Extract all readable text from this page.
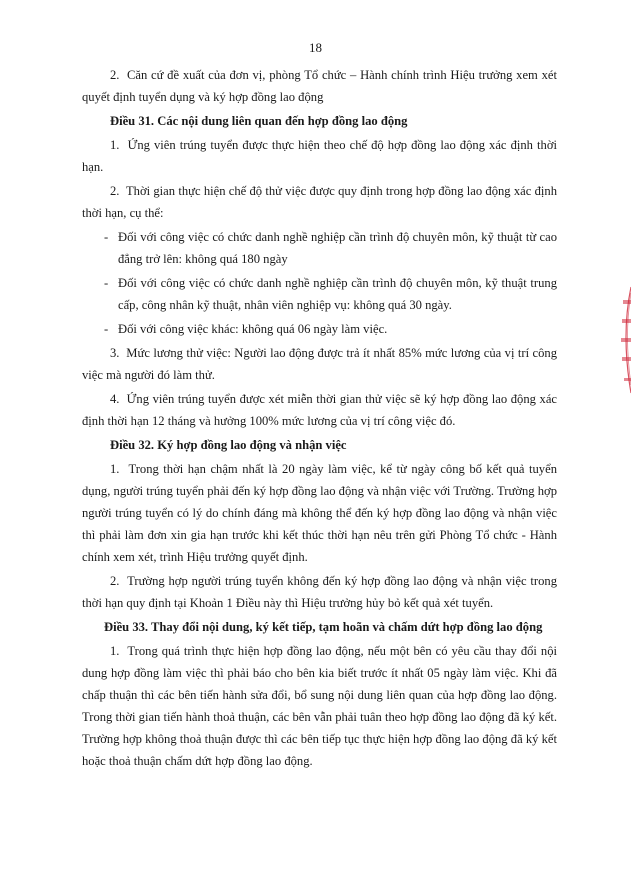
18

2.  Căn cứ đề xuất của đơn vị, phòng Tổ chức – Hành chính trình Hiệu trưởng xem xét quyết định tuyển dụng và ký hợp đồng lao động

Điều 31. Các nội dung liên quan đến hợp đồng lao động

1.  Ứng viên trúng tuyển được thực hiện theo chế độ hợp đồng lao động xác định thời hạn.

2.  Thời gian thực hiện chế độ thử việc được quy định trong hợp đồng lao động xác định thời hạn, cụ thể:

- Đối với công việc có chức danh nghề nghiệp cần trình độ chuyên môn, kỹ thuật từ cao đẳng trở lên: không quá 180 ngày

- Đối với công việc có chức danh nghề nghiệp cần trình độ chuyên môn, kỹ thuật trung cấp, công nhân kỹ thuật, nhân viên nghiệp vụ: không quá 30 ngày.

- Đối với công việc khác: không quá 06 ngày làm việc.

3.  Mức lương thử việc: Người lao động được trả ít nhất 85% mức lương của vị trí công việc mà người đó làm thử.

4.  Ứng viên trúng tuyển được xét miễn thời gian thử việc sẽ ký hợp đồng lao động xác định thời hạn 12 tháng và hưởng 100% mức lương của vị trí công việc đó.

Điều 32. Ký hợp đồng lao động và nhận việc

1.  Trong thời hạn chậm nhất là 20 ngày làm việc, kể từ ngày công bố kết quả tuyển dụng, người trúng tuyển phải đến ký hợp đồng lao động và nhận việc với Trường. Trường hợp người trúng tuyển có lý do chính đáng mà không thể đến ký hợp đồng lao động và nhận việc thì phải làm đơn xin gia hạn trước khi kết thúc thời hạn nêu trên gửi Phòng Tổ chức - Hành chính xem xét, trình Hiệu trưởng quyết định.

2.  Trường hợp người trúng tuyển không đến ký hợp đồng lao động và nhận việc trong thời hạn quy định tại Khoản 1 Điều này thì Hiệu trưởng hủy bỏ kết quả xét tuyển.

Điều 33. Thay đổi nội dung, ký kết tiếp, tạm hoãn và chấm dứt hợp đồng lao động

1.  Trong quá trình thực hiện hợp đồng lao động, nếu một bên có yêu cầu thay đổi nội dung hợp đồng làm việc thì phải báo cho bên kia biết trước ít nhất 05 ngày làm việc. Khi đã chấp thuận thì các bên tiến hành sửa đổi, bổ sung nội dung liên quan của hợp đồng lao động. Trong thời gian tiến hành thoả thuận, các bên vẫn phải tuân theo hợp đồng lao động đã ký kết. Trường hợp không thoả thuận được thì các bên tiếp tục thực hiện hợp đồng lao động đã ký kết hoặc thoả thuận chấm dứt hợp đồng lao động.
